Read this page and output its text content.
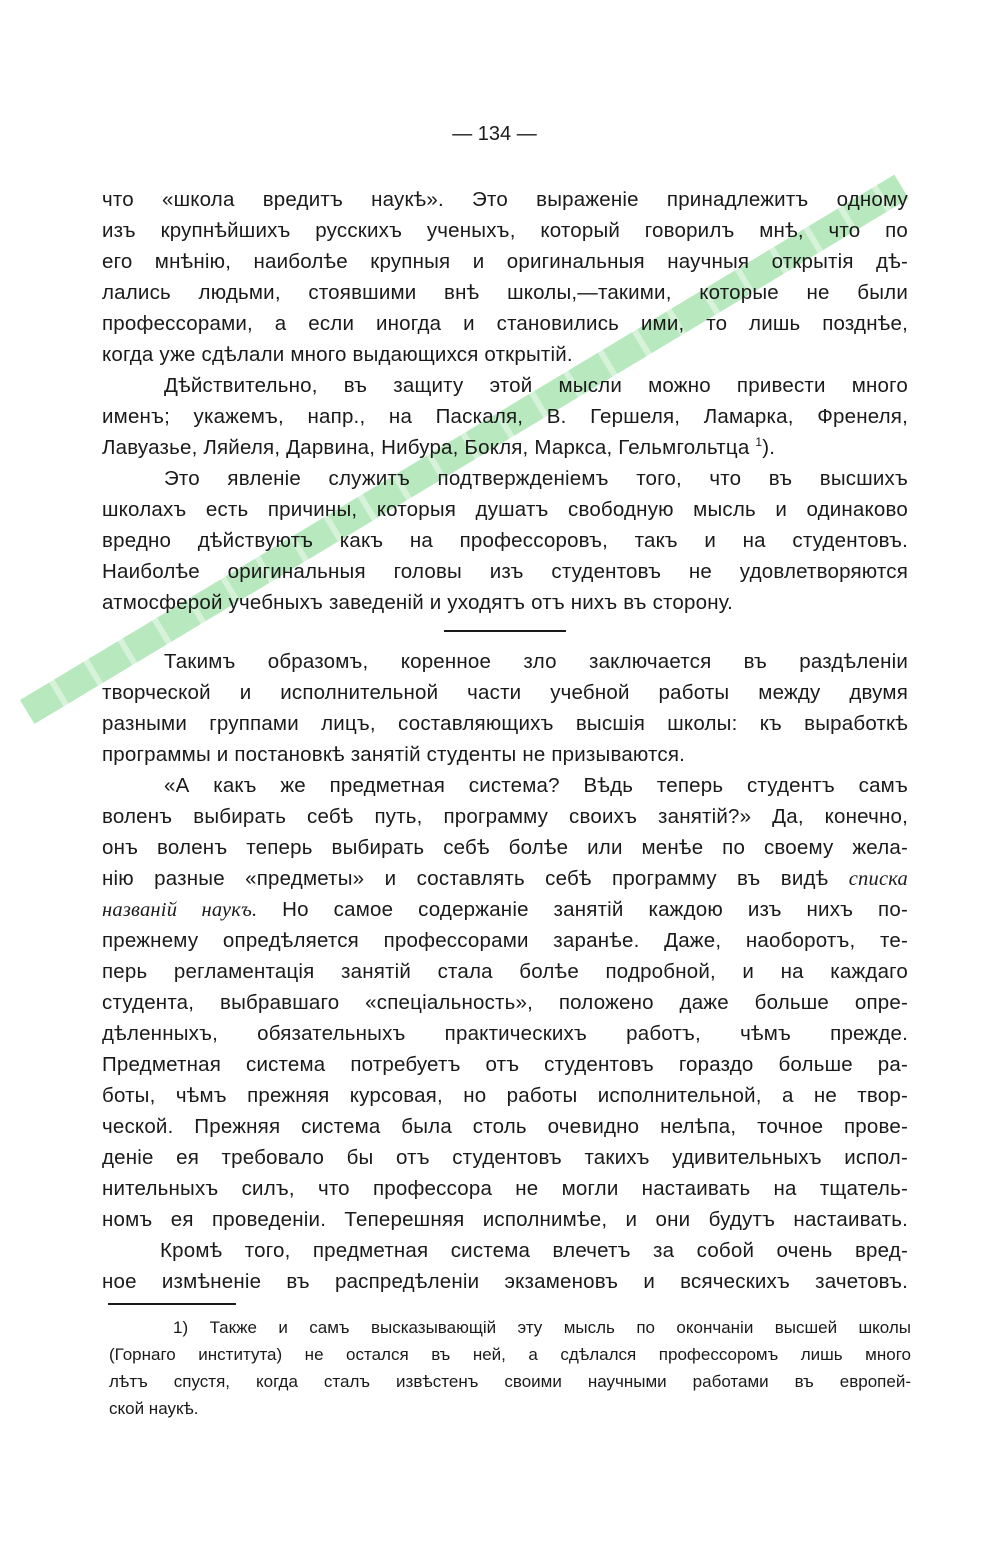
— 134 —
что «школа вредитъ наукѣ». Это выраженіе принадлежитъ одному
изъ крупнѣйшихъ русскихъ ученыхъ, который говорилъ мнѣ, что по
его мнѣнію, наиболѣе крупныя и оригинальныя научныя открытія дѣ-
лались людьми, стоявшими внѣ школы,—такими, которые не были
профессорами, а если иногда и становились ими, то лишь позднѣе,
когда уже сдѣлали много выдающихся открытій.
Дѣйствительно, въ защиту этой мысли можно привести много
именъ; укажемъ, напр., на Паскаля, В. Гершеля, Ламарка, Френеля,
Лавуазье, Ляйеля, Дарвина, Нибура, Бокля, Маркса, Гельмгольтца $^1$).
Это явленіе служитъ подтвержденіемъ того, что въ высшихъ
школахъ есть причины, которыя душатъ свободную мысль и одинаково
вредно дѣйствуютъ какъ на профессоровъ, такъ и на студентовъ.
Наиболѣе оригинальныя головы изъ студентовъ не удовлетворяются
атмосферой учебныхъ заведеній и уходятъ отъ нихъ въ сторону.
Такимъ образомъ, коренное зло заключается въ раздѣленіи
творческой и исполнительной части учебной работы между двумя
разными группами лицъ, составляющихъ высшія школы: къ выработкѣ
программы и постановкѣ занятій студенты не призываются.
«А какъ же предметная система? Вѣдь теперь студентъ самъ
воленъ выбирать себѣ путь, программу своихъ занятій?» Да, конечно,
онъ воленъ теперь выбирать себѣ болѣе или менѣе по своему жела-
нію разные «предметы» и составлять себѣ программу въ видѣ списка
названій наукъ. Но самое содержаніе занятій каждою изъ нихъ по-
прежнему опредѣляется профессорами заранѣе. Даже, наоборотъ, те-
перь регламентація занятій стала болѣе подробной, и на каждаго
студента, выбравшаго «спеціальность», положено даже больше опре-
дѣленныхъ, обязательныхъ практическихъ работъ, чѣмъ прежде.
Предметная система потребуетъ отъ студентовъ гораздо больше ра-
боты, чѣмъ прежняя курсовая, но работы исполнительной, а не твор-
ческой. Прежняя система была столь очевидно нелѣпа, точное прове-
деніе ея требовало бы отъ студентовъ такихъ удивительныхъ испол-
нительныхъ силъ, что профессора не могли настаивать на тщатель-
номъ ея проведеніи. Теперешняя исполнимѣе, и они будутъ настаивать.
Кромѣ того, предметная система влечетъ за собой очень вред-
ное измѣненіе въ распредѣленіи экзаменовъ и всяческихъ зачетовъ.
1) Также и самъ высказывающій эту мысль по окончаніи высшей школы
(Горнаго института) не остался въ ней, а сдѣлался профессоромъ лишь много
лѣтъ спустя, когда сталъ извѣстенъ своими научными работами въ европей-
ской наукѣ.
